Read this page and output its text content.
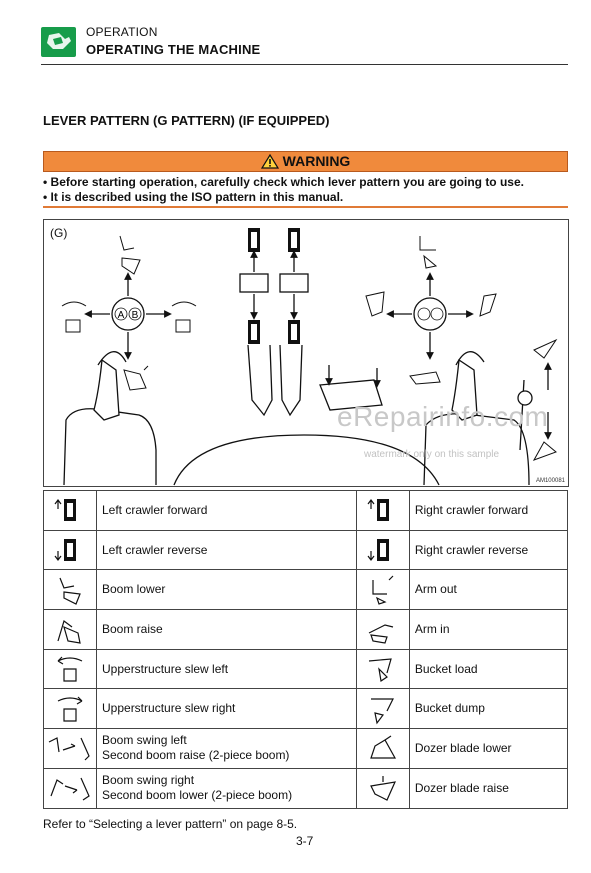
OPERATION
OPERATING THE MACHINE
LEVER PATTERN (G PATTERN) (IF EQUIPPED)
WARNING
• Before starting operation, carefully check which lever pattern you are going to use.
• It is described using the ISO pattern in this manual.
(G)
A B
eRepairinfo.com
watermark only on this sample
AM100081

Left crawler forward		Right crawler forward

Left crawler reverse		Right crawler reverse

Boom lower		Arm out

Boom raise		Arm in

Upperstructure slew left		Bucket load

Upperstructure slew right		Bucket dump

Boom swing left
Second boom raise (2-piece boom)		Dozer blade lower

Boom swing right
Second boom lower (2-piece boom)		Dozer blade raise
Refer to “Selecting a lever pattern” on page 8-5.
3-7
